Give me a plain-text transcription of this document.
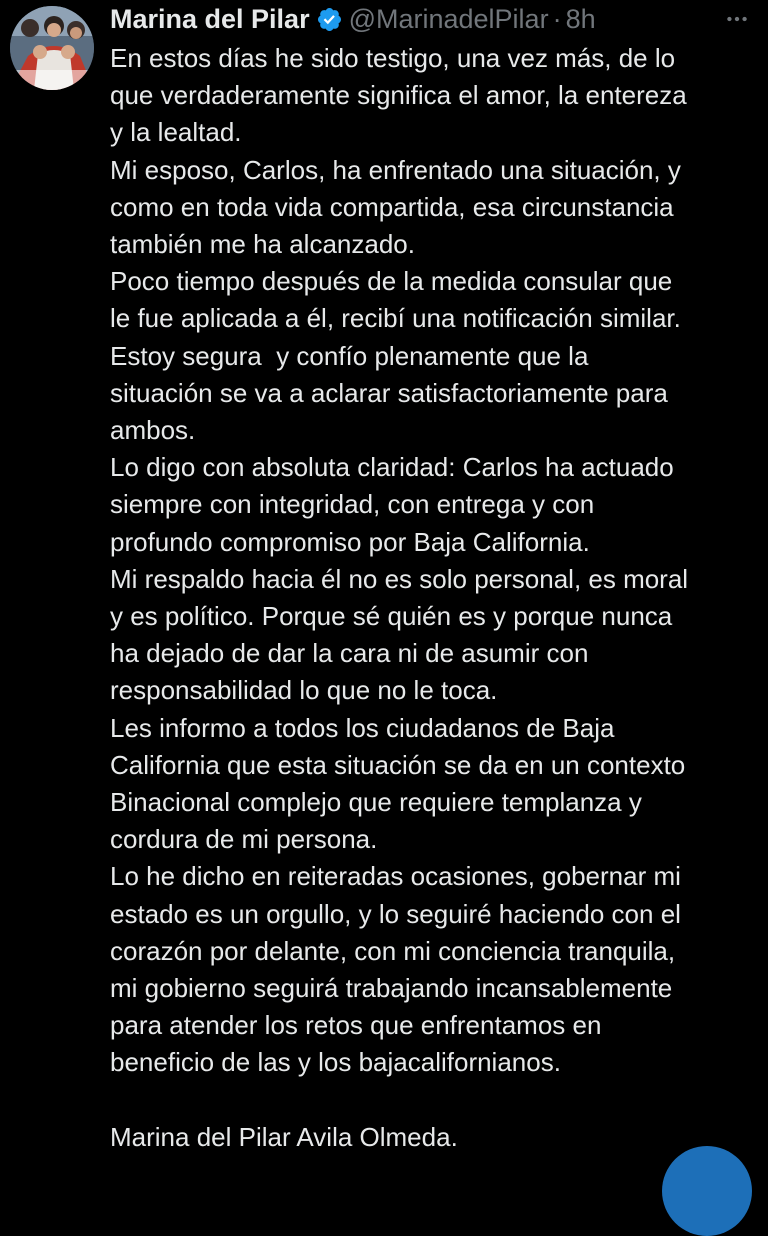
Marina del Pilar @MarinadelPilar · 8h

En estos días he sido testigo, una vez más, de lo

que verdaderamente significa el amor, la entereza

y la lealtad.

Mi esposo, Carlos, ha enfrentado una situación, y

como en toda vida compartida, esa circunstancia

también me ha alcanzado.

Poco tiempo después de la medida consular que

le fue aplicada a él, recibí una notificación similar.

Estoy segura  y confío plenamente que la

situación se va a aclarar satisfactoriamente para

ambos.

Lo digo con absoluta claridad: Carlos ha actuado

siempre con integridad, con entrega y con

profundo compromiso por Baja California.

Mi respaldo hacia él no es solo personal, es moral

y es político. Porque sé quién es y porque nunca

ha dejado de dar la cara ni de asumir con

responsabilidad lo que no le toca.

Les informo a todos los ciudadanos de Baja

California que esta situación se da en un contexto

Binacional complejo que requiere templanza y

cordura de mi persona.

Lo he dicho en reiteradas ocasiones, gobernar mi

estado es un orgullo, y lo seguiré haciendo con el

corazón por delante, con mi conciencia tranquila,

mi gobierno seguirá trabajando incansablemente

para atender los retos que enfrentamos en

beneficio de las y los bajacalifornianos.

Marina del Pilar Avila Olmeda.
